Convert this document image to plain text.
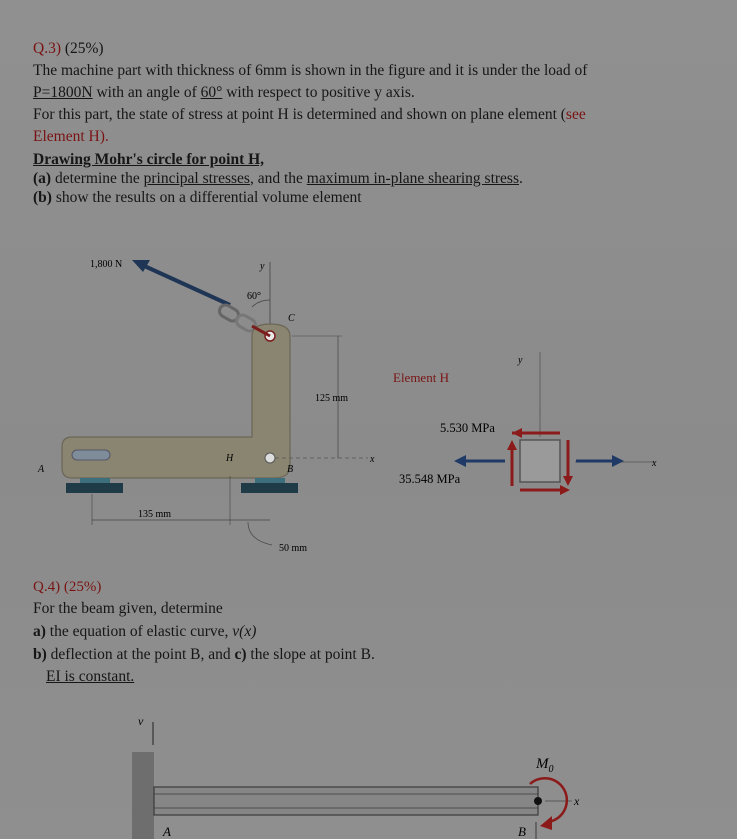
Q.3) (25%)
The machine part with thickness of 6mm is shown in the figure and it is under the load of
P=1800N with an angle of 60° with respect to positive y axis.
For this part, the state of stress at point H is determined and shown on plane element (see
Element H).
Drawing Mohr's circle for point H,
(a) determine the principal stresses, and the maximum in-plane shearing stress.
(b) show the results on a differential volume element
1,800 N
60°
y
C
125 mm
H
B
A
x
135 mm
50 mm
Element H
y
x
5.530 MPa
35.548 MPa
Q.4) (25%)
For the beam given, determine
a) the equation of elastic curve, v(x)
b) deflection at the point B, and c) the slope at point B.
EI is constant.
v
x
$M_0$
A	B
